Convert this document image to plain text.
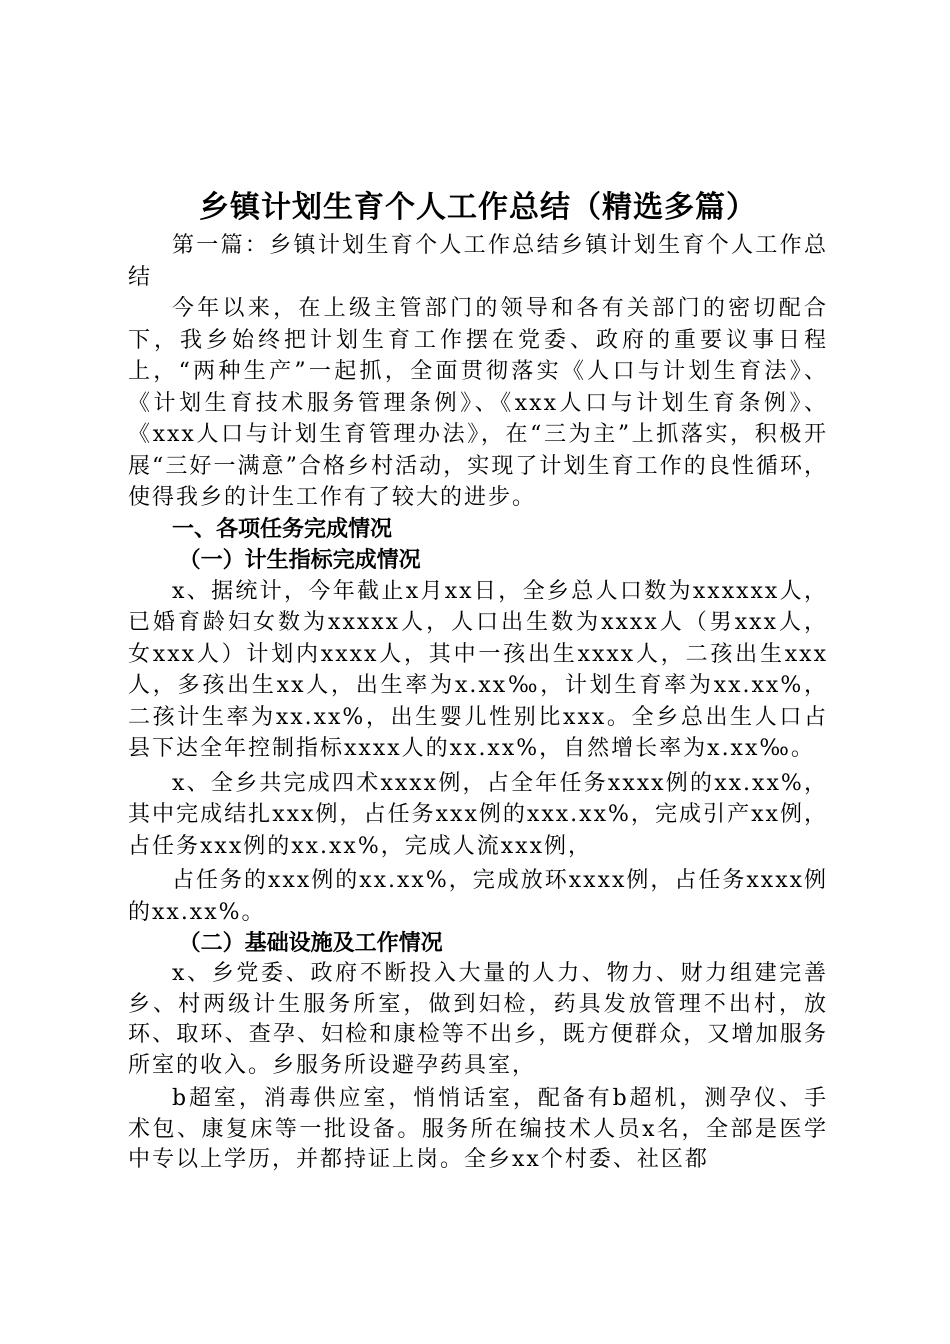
乡镇计划生育个人工作总结（精选多篇）

第一篇：乡镇计划生育个人工作总结乡镇计划生育个人工作总结

今年以来，在上级主管部门的领导和各有关部门的密切配合下，我乡始终把计划生育工作摆在党委、政府的重要议事日程上，“两种生产”一起抓，全面贯彻落实《人口与计划生育法》、《计划生育技术服务管理条例》、《xxx人口与计划生育条例》、《xxx人口与计划生育管理办法》，在“三为主”上抓落实，积极开展“三好一满意”合格乡村活动，实现了计划生育工作的良性循环，使得我乡的计生工作有了较大的进步。

一、各项任务完成情况
（一）计生指标完成情况

x、据统计，今年截止x月xx日，全乡总人口数为xxxxxx人，已婚育龄妇女数为xxxxx人，人口出生数为xxxx人（男xxx人，女xxx人）计划内xxxx人，其中一孩出生xxxx人，二孩出生xxx人，多孩出生xx人，出生率为x.xx‰，计划生育率为xx.xx%，二孩计生率为xx.xx%，出生婴儿性别比xxx。全乡总出生人口占县下达全年控制指标xxxx人的xx.xx%，自然增长率为x.xx‰。

x、全乡共完成四术xxxx例，占全年任务xxxx例的xx.xx%，其中完成结扎xxx例，占任务xxx例的xxx.xx%，完成引产xx例，占任务xxx例的xx.xx%，完成人流xxx例，

占任务的xxx例的xx.xx%，完成放环xxxx例，占任务xxxx例的xx.xx%。

（二）基础设施及工作情况

x、乡党委、政府不断投入大量的人力、物力、财力组建完善乡、村两级计生服务所室，做到妇检，药具发放管理不出村，放环、取环、查孕、妇检和康检等不出乡，既方便群众，又增加服务所室的收入。乡服务所设避孕药具室，

b超室，消毒供应室，悄悄话室，配备有b超机，测孕仪、手术包、康复床等一批设备。服务所在编技术人员x名，全部是医学中专以上学历，并都持证上岗。全乡xx个村委、社区都
